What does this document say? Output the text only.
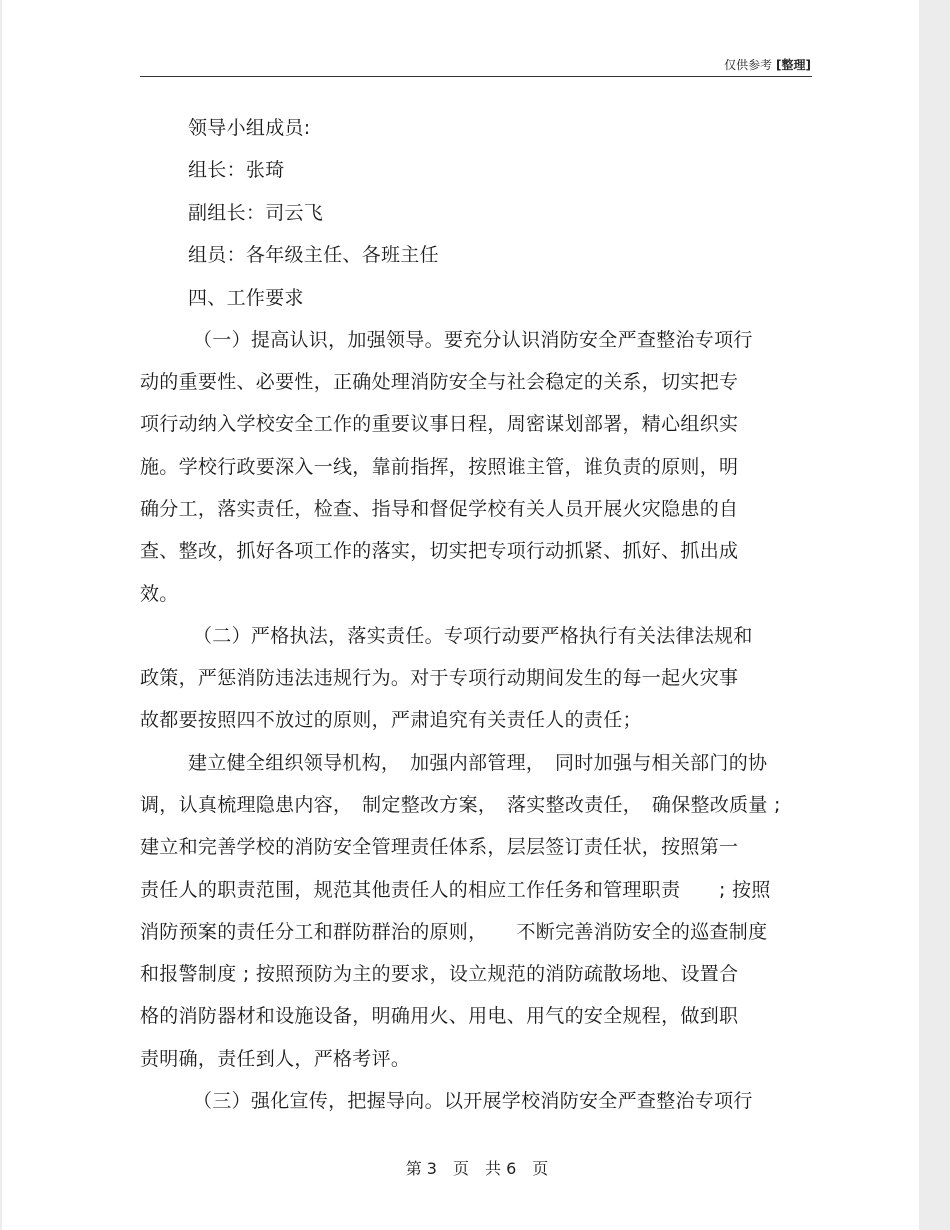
仅供参考 [整理]
领导小组成员:
组长：张琦
副组长：司云飞
组员：各年级主任、各班主任
四、工作要求
（一）提高认识，加强领导。要充分认识消防安全严查整治专项行
动的重要性、必要性，正确处理消防安全与社会稳定的关系，切实把专
项行动纳入学校安全工作的重要议事日程，周密谋划部署，精心组织实
施。学校行政要深入一线，靠前指挥，按照谁主管，谁负责的原则，明
确分工，落实责任，检查、指导和督促学校有关人员开展火灾隐患的自
查、整改，抓好各项工作的落实，切实把专项行动抓紧、抓好、抓出成
效。
（二）严格执法，落实责任。专项行动要严格执行有关法律法规和
政策，严惩消防违法违规行为。对于专项行动期间发生的每一起火灾事
故都要按照四不放过的原则，严肃追究有关责任人的责任；
建立健全组织领导机构，　加强内部管理，　同时加强与相关部门的协
调，认真梳理隐患内容，　制定整改方案，　落实整改责任，　确保整改质量 ;
建立和完善学校的消防安全管理责任体系，层层签订责任状，按照第一
责任人的职责范围，规范其他责任人的相应工作任务和管理职责　　; 按照
消防预案的责任分工和群防群治的原则，　　不断完善消防安全的巡查制度
和报警制度 ; 按照预防为主的要求，设立规范的消防疏散场地、设置合
格的消防器材和设施设备，明确用火、用电、用气的安全规程，做到职
责明确，责任到人，严格考评。
（三）强化宣传，把握导向。以开展学校消防安全严查整治专项行
第 3　页　共 6　页
